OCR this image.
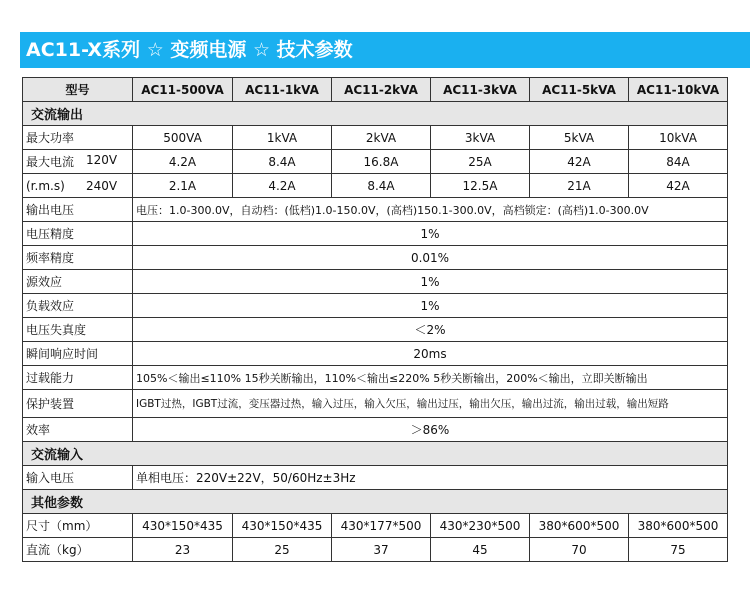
AC11-X系列 ☆ 变频电源 ☆ 技术参数
型号	AC11-500VA	AC11-1kVA	AC11-2kVA	AC11-3kVA	AC11-5kVA	AC11-10kVA
交流输出						
最大功率	500VA	1kVA	2kVA	3kVA	5kVA	10kVA

最大电流 120V	4.2A	8.4A	16.8A	25A	42A	84A

(r.m.s) 240V	2.1A	4.2A	8.4A	12.5A	21A	42A
输出电压	电压：1.0-300.0V，自动档：(低档)1.0-150.0V，(高档)150.1-300.0V，高档锁定：(高档)1.0-300.0V					
电压精度	1%					
频率精度	0.01%					
源效应	1%					
负载效应	1%					
电压失真度	＜2%					
瞬间响应时间	20ms					
过载能力	105%＜输出≤110% 15秒关断输出，110%＜输出≤220% 5秒关断输出，200%＜输出，立即关断输出					
保护装置	IGBT过热，IGBT过流，变压器过热，输入过压，输入欠压，输出过压，输出欠压，输出过流，输出过载，输出短路					
效率	＞86%					
交流输入						
输入电压	单相电压：220V±22V，50/60Hz±3Hz					
其他参数						
尺寸（mm）	430*150*435	430*150*435	430*177*500	430*230*500	380*600*500	380*600*500
直流（kg）	23	25	37	45	70	75
